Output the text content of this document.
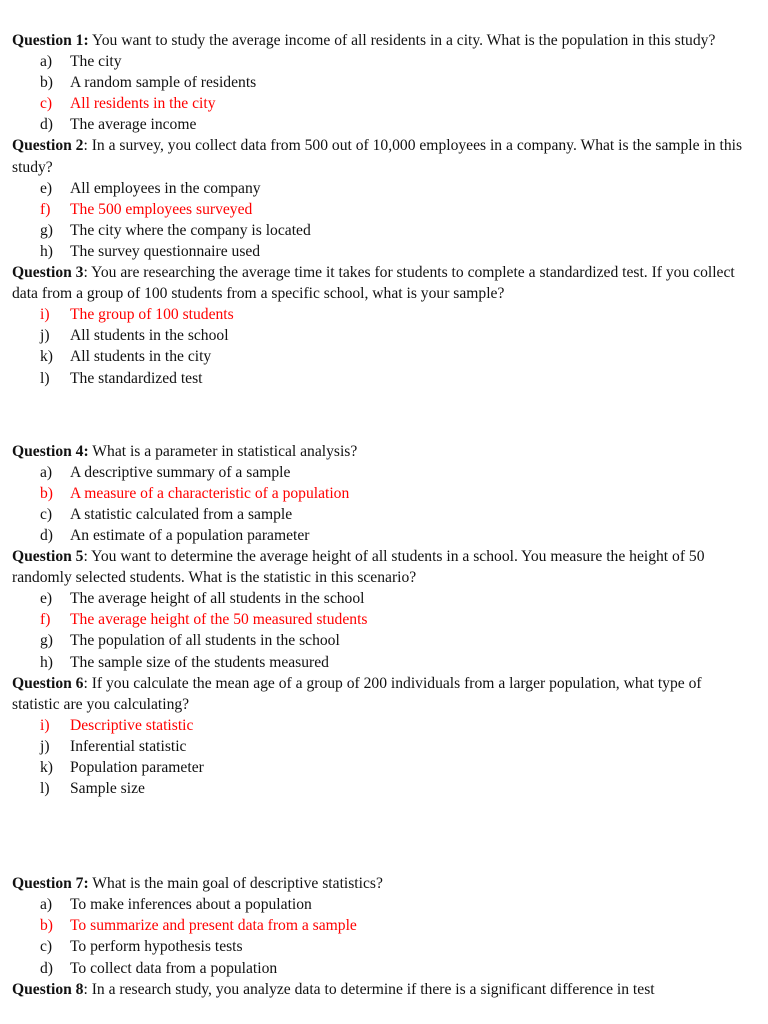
Question 1: You want to study the average income of all residents in a city. What is the population in this study?

a)	The city
b)	A random sample of residents
c)	All residents in the city
d)	The average income

Question 2: In a survey, you collect data from 500 out of 10,000 employees in a company. What is the sample in this study?

e)	All employees in the company
f)	The 500 employees surveyed
g)	The city where the company is located
h)	The survey questionnaire used

Question 3: You are researching the average time it takes for students to complete a standardized test. If you collect data from a group of 100 students from a specific school, what is your sample?

i)	The group of 100 students
j)	All students in the school
k)	All students in the city
l)	The standardized test

Question 4: What is a parameter in statistical analysis?

a)	A descriptive summary of a sample
b)	A measure of a characteristic of a population
c)	A statistic calculated from a sample
d)	An estimate of a population parameter

Question 5: You want to determine the average height of all students in a school. You measure the height of 50 randomly selected students. What is the statistic in this scenario?

e)	The average height of all students in the school
f)	The average height of the 50 measured students
g)	The population of all students in the school
h)	The sample size of the students measured

Question 6: If you calculate the mean age of a group of 200 individuals from a larger population, what type of statistic are you calculating?

i)	Descriptive statistic
j)	Inferential statistic
k)	Population parameter
l)	Sample size

Question 7: What is the main goal of descriptive statistics?

a)	To make inferences about a population
b)	To summarize and present data from a sample
c)	To perform hypothesis tests
d)	To collect data from a population

Question 8: In a research study, you analyze data to determine if there is a significant difference in test
